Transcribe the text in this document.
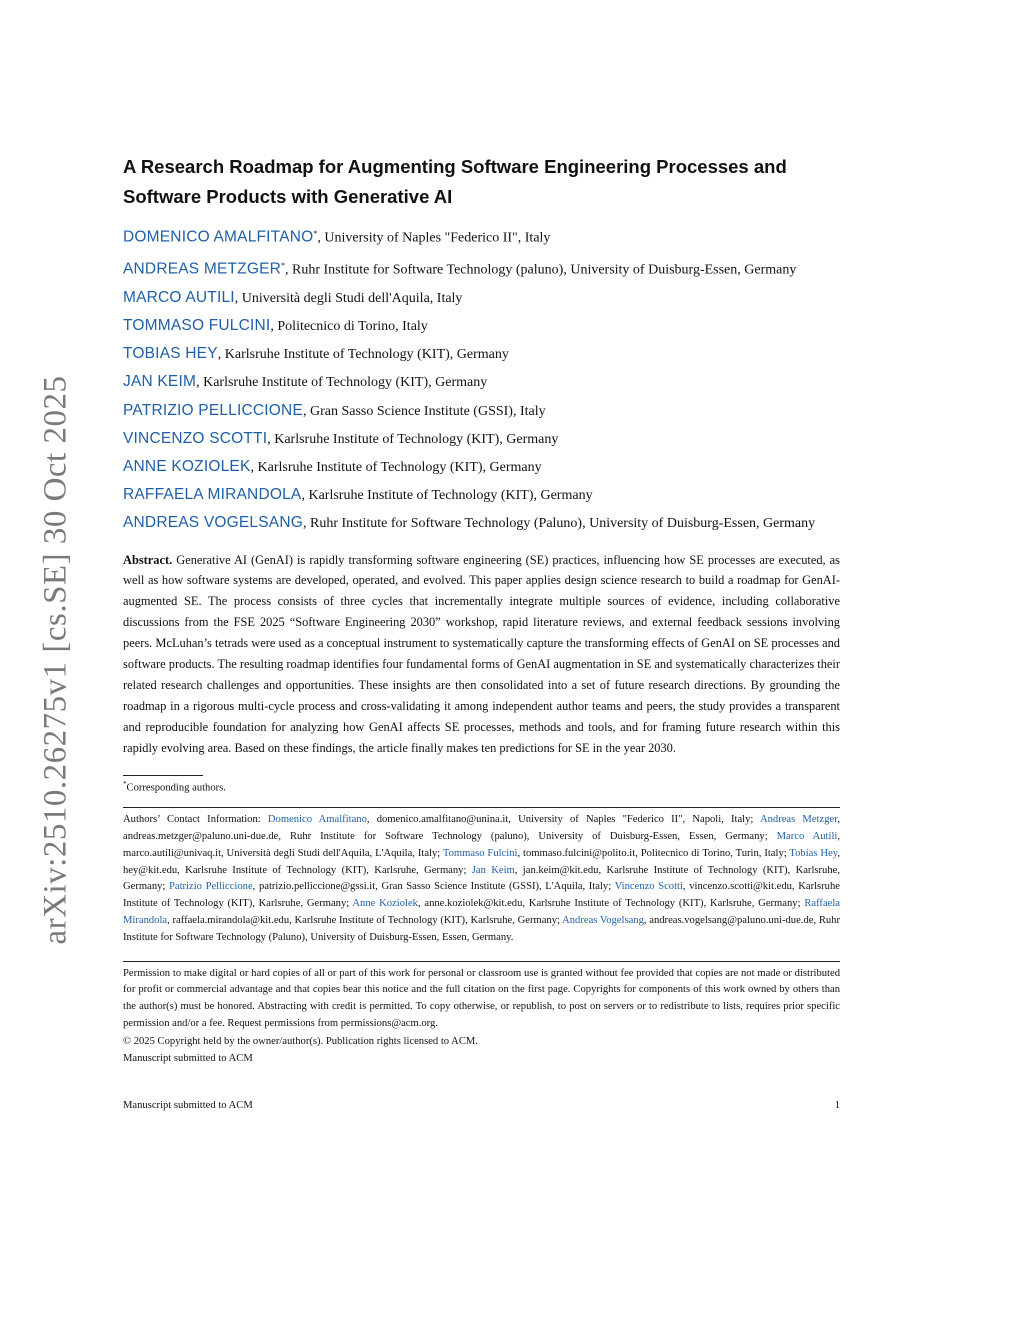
arXiv:2510.26275v1 [cs.SE] 30 Oct 2025
A Research Roadmap for Augmenting Software Engineering Processes and Software Products with Generative AI
DOMENICO AMALFITANO*, University of Naples "Federico II", Italy
ANDREAS METZGER*, Ruhr Institute for Software Technology (paluno), University of Duisburg-Essen, Germany
MARCO AUTILI, Università degli Studi dell'Aquila, Italy
TOMMASO FULCINI, Politecnico di Torino, Italy
TOBIAS HEY, Karlsruhe Institute of Technology (KIT), Germany
JAN KEIM, Karlsruhe Institute of Technology (KIT), Germany
PATRIZIO PELLICCIONE, Gran Sasso Science Institute (GSSI), Italy
VINCENZO SCOTTI, Karlsruhe Institute of Technology (KIT), Germany
ANNE KOZIOLEK, Karlsruhe Institute of Technology (KIT), Germany
RAFFAELA MIRANDOLA, Karlsruhe Institute of Technology (KIT), Germany
ANDREAS VOGELSANG, Ruhr Institute for Software Technology (Paluno), University of Duisburg-Essen, Germany
Abstract. Generative AI (GenAI) is rapidly transforming software engineering (SE) practices, influencing how SE processes are executed, as well as how software systems are developed, operated, and evolved. This paper applies design science research to build a roadmap for GenAI-augmented SE. The process consists of three cycles that incrementally integrate multiple sources of evidence, including collaborative discussions from the FSE 2025 “Software Engineering 2030” workshop, rapid literature reviews, and external feedback sessions involving peers. McLuhan’s tetrads were used as a conceptual instrument to systematically capture the transforming effects of GenAI on SE processes and software products. The resulting roadmap identifies four fundamental forms of GenAI augmentation in SE and systematically characterizes their related research challenges and opportunities. These insights are then consolidated into a set of future research directions. By grounding the roadmap in a rigorous multi-cycle process and cross-validating it among independent author teams and peers, the study provides a transparent and reproducible foundation for analyzing how GenAI affects SE processes, methods and tools, and for framing future research within this rapidly evolving area. Based on these findings, the article finally makes ten predictions for SE in the year 2030.
*Corresponding authors.
Authors’ Contact Information: Domenico Amalfitano, domenico.amalfitano@unina.it, University of Naples "Federico II", Napoli, Italy; Andreas Metzger, andreas.metzger@paluno.uni-due.de, Ruhr Institute for Software Technology (paluno), University of Duisburg-Essen, Essen, Germany; Marco Autili, marco.autili@univaq.it, Università degli Studi dell'Aquila, L'Aquila, Italy; Tommaso Fulcini, tommaso.fulcini@polito.it, Politecnico di Torino, Turin, Italy; Tobias Hey, hey@kit.edu, Karlsruhe Institute of Technology (KIT), Karlsruhe, Germany; Jan Keim, jan.keim@kit.edu, Karlsruhe Institute of Technology (KIT), Karlsruhe, Germany; Patrizio Pelliccione, patrizio.pelliccione@gssi.it, Gran Sasso Science Institute (GSSI), L'Aquila, Italy; Vincenzo Scotti, vincenzo.scotti@kit.edu, Karlsruhe Institute of Technology (KIT), Karlsruhe, Germany; Anne Koziolek, anne.koziolek@kit.edu, Karlsruhe Institute of Technology (KIT), Karlsruhe, Germany; Raffaela Mirandola, raffaela.mirandola@kit.edu, Karlsruhe Institute of Technology (KIT), Karlsruhe, Germany; Andreas Vogelsang, andreas.vogelsang@paluno.uni-due.de, Ruhr Institute for Software Technology (Paluno), University of Duisburg-Essen, Essen, Germany.
Permission to make digital or hard copies of all or part of this work for personal or classroom use is granted without fee provided that copies are not made or distributed for profit or commercial advantage and that copies bear this notice and the full citation on the first page. Copyrights for components of this work owned by others than the author(s) must be honored. Abstracting with credit is permitted. To copy otherwise, or republish, to post on servers or to redistribute to lists, requires prior specific permission and/or a fee. Request permissions from permissions@acm.org.
© 2025 Copyright held by the owner/author(s). Publication rights licensed to ACM.
Manuscript submitted to ACM
Manuscript submitted to ACM	1
